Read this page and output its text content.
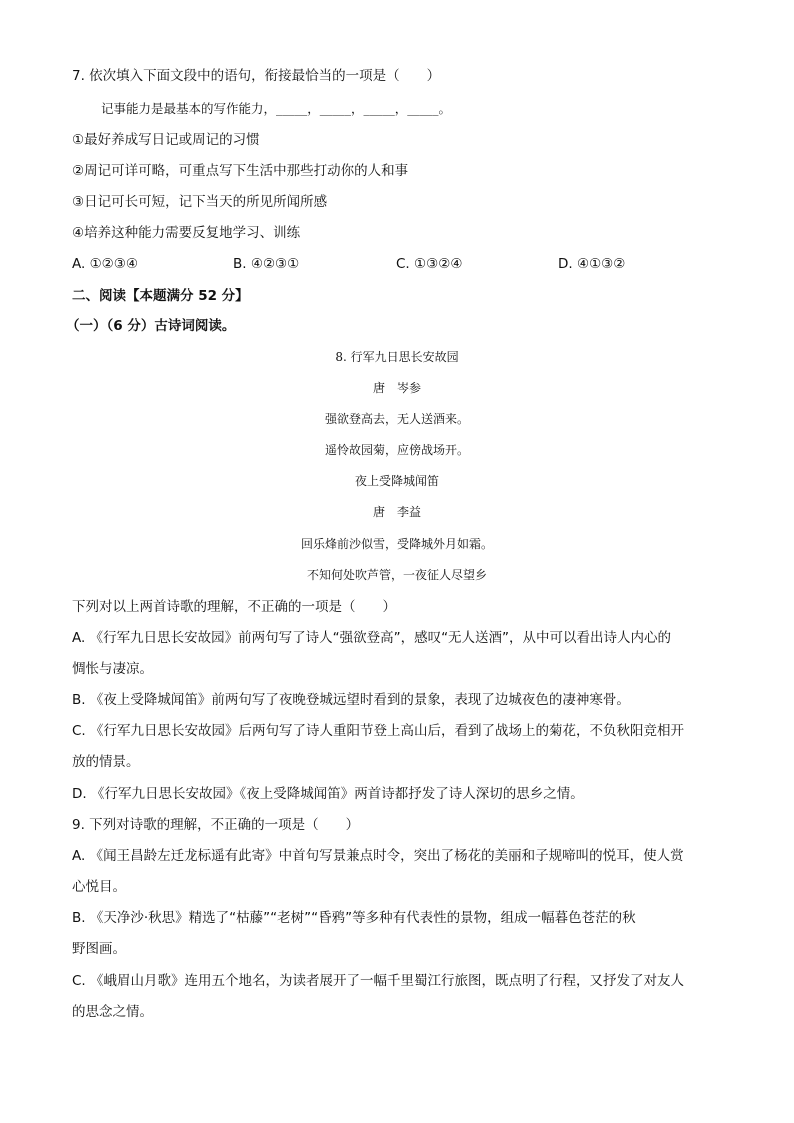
7. 依次填入下面文段中的语句，衔接最恰当的一项是（　　）
记事能力是最基本的写作能力，_____，_____，_____，_____。
①最好养成写日记或周记的习惯
②周记可详可略，可重点写下生活中那些打动你的人和事
③日记可长可短，记下当天的所见所闻所感
④培养这种能力需要反复地学习、训练
A. ①②③④	B. ④②③①	C. ①③②④	D. ④①③②
二、阅读【本题满分 52 分】
（一）（6 分）古诗词阅读。
8. 行军九日思长安故园
唐　岑参
强欲登高去，无人送酒来。
遥怜故园菊，应傍战场开。
夜上受降城闻笛
唐　李益
回乐烽前沙似雪，受降城外月如霜。
不知何处吹芦管，一夜征人尽望乡
下列对以上两首诗歌的理解，不正确的一项是（　　）
A. 《行军九日思长安故园》前两句写了诗人“强欲登高”，感叹“无人送酒”，从中可以看出诗人内心的
惆怅与凄凉。
B. 《夜上受降城闻笛》前两句写了夜晚登城远望时看到的景象，表现了边城夜色的凄神寒骨。
C. 《行军九日思长安故园》后两句写了诗人重阳节登上高山后，看到了战场上的菊花，不负秋阳竞相开
放的情景。
D. 《行军九日思长安故园》《夜上受降城闻笛》两首诗都抒发了诗人深切的思乡之情。
9. 下列对诗歌的理解，不正确的一项是（　　）
A. 《闻王昌龄左迁龙标遥有此寄》中首句写景兼点时令，突出了杨花的美丽和子规啼叫的悦耳，使人赏
心悦目。
B. 《天净沙·秋思》精选了“枯藤”“老树”“昏鸦”等多种有代表性的景物，组成一幅暮色苍茫的秋
野图画。
C. 《峨眉山月歌》连用五个地名，为读者展开了一幅千里蜀江行旅图，既点明了行程，又抒发了对友人
的思念之情。
